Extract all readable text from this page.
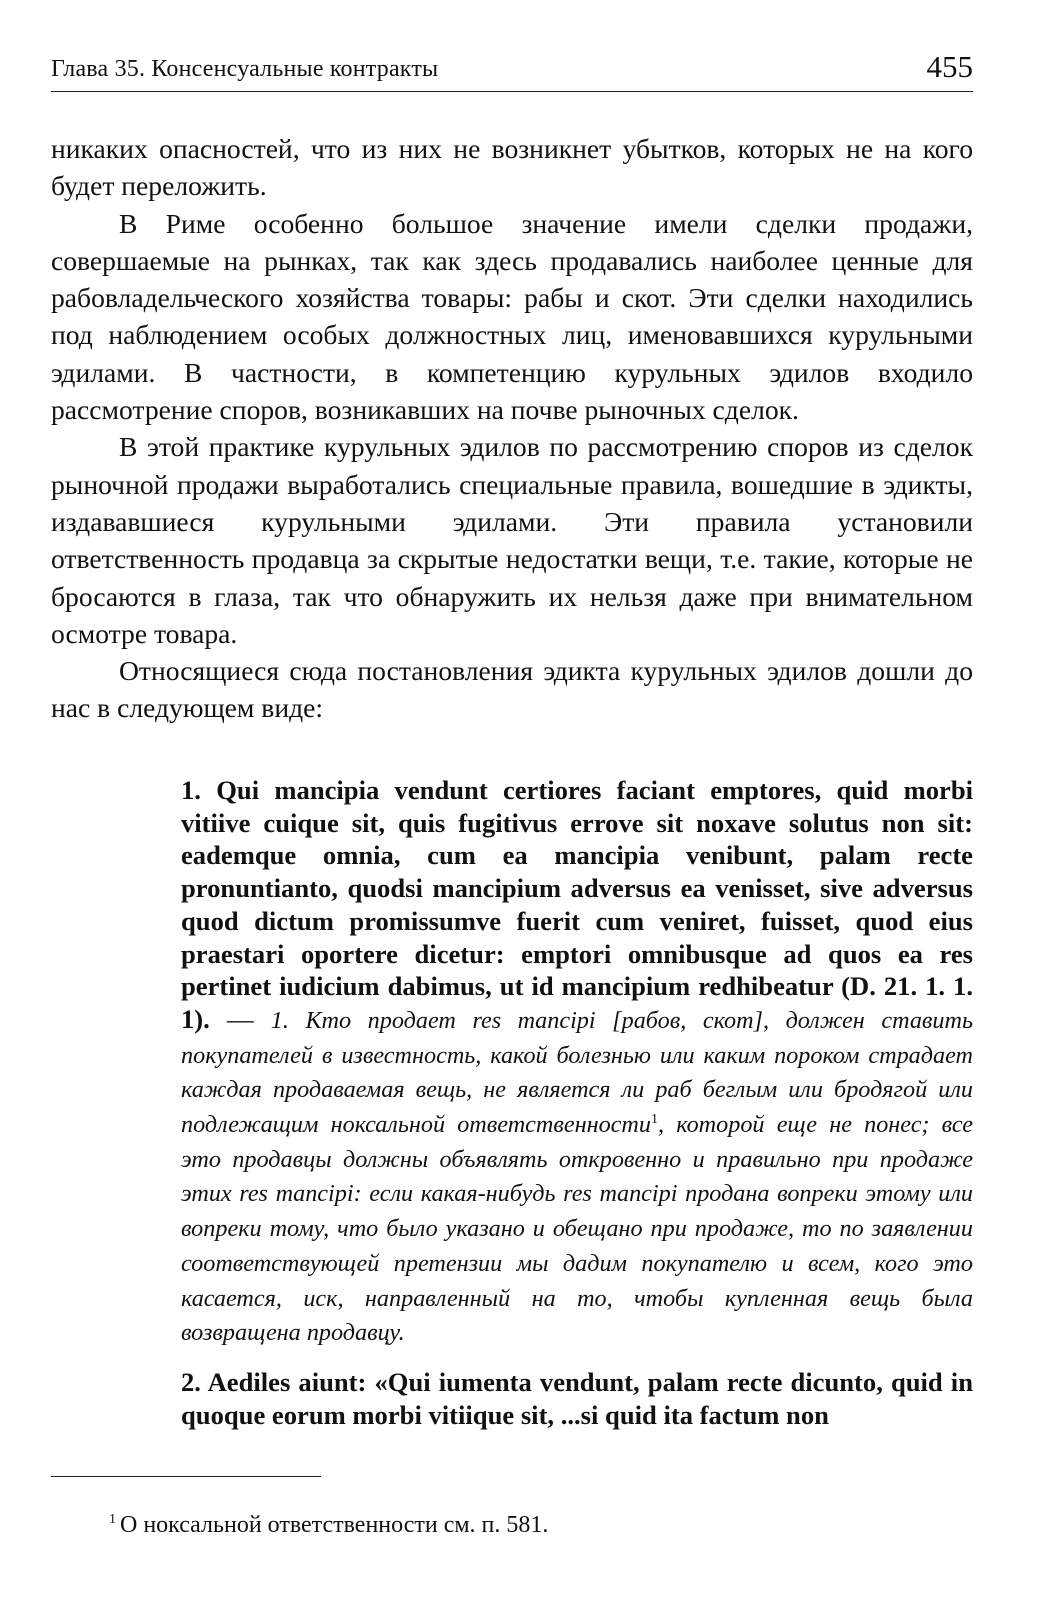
Глава 35. Консенсуальные контракты	455

никаких опасностей, что из них не возникнет убытков, которых не на кого будет переложить.

В Риме особенно большое значение имели сделки продажи, совершаемые на рынках, так как здесь продавались наиболее ценные для рабовладельческого хозяйства товары: рабы и скот. Эти сделки находились под наблюдением особых должностных лиц, именовавшихся курульными эдилами. В частности, в компетенцию курульных эдилов входило рассмотрение споров, возникавших на почве рыночных сделок.

В этой практике курульных эдилов по рассмотрению споров из сделок рыночной продажи выработались специальные правила, вошедшие в эдикты, издававшиеся курульными эдилами. Эти правила установили ответственность продавца за скрытые недостатки вещи, т.е. такие, которые не бросаются в глаза, так что обнаружить их нельзя даже при внимательном осмотре товара.

Относящиеся сюда постановления эдикта курульных эдилов дошли до нас в следующем виде:

1. Qui mancipia vendunt certiores faciant emptores, quid morbi vitiive cuique sit, quis fugitivus errove sit noxave solutus non sit: eademque omnia, cum ea mancipia venibunt, palam recte pronuntianto, quodsi mancipium adversus ea venisset, sive adversus quod dictum promissumve fuerit cum veniret, fuisset, quod eius praestari oportere dicetur: emptori omnibusque ad quos ea res pertinet iudicium dabimus, ut id mancipium redhibeatur (D. 21. 1. 1. 1). — 1. Кто продает res mancipi [рабов, скот], должен ставить покупателей в известность, какой болезнью или каким пороком страдает каждая продаваемая вещь, не является ли раб беглым или бродягой или подлежащим ноксальной ответственности$^1$, которой еще не понес; все это продавцы должны объявлять откровенно и правильно при продаже этих res mancipi: если какая-нибудь res mancipi продана вопреки этому или вопреки тому, что было указано и обещано при продаже, то по заявлении соответствующей претензии мы дадим покупателю и всем, кого это касается, иск, направленный на то, чтобы купленная вещь была возвращена продавцу.

2. Aediles aiunt: «Qui iumenta vendunt, palam recte dicunto, quid in quoque eorum morbi vitiique sit, ...si quid ita factum non

$^1$ О ноксальной ответственности см. п. 581.
